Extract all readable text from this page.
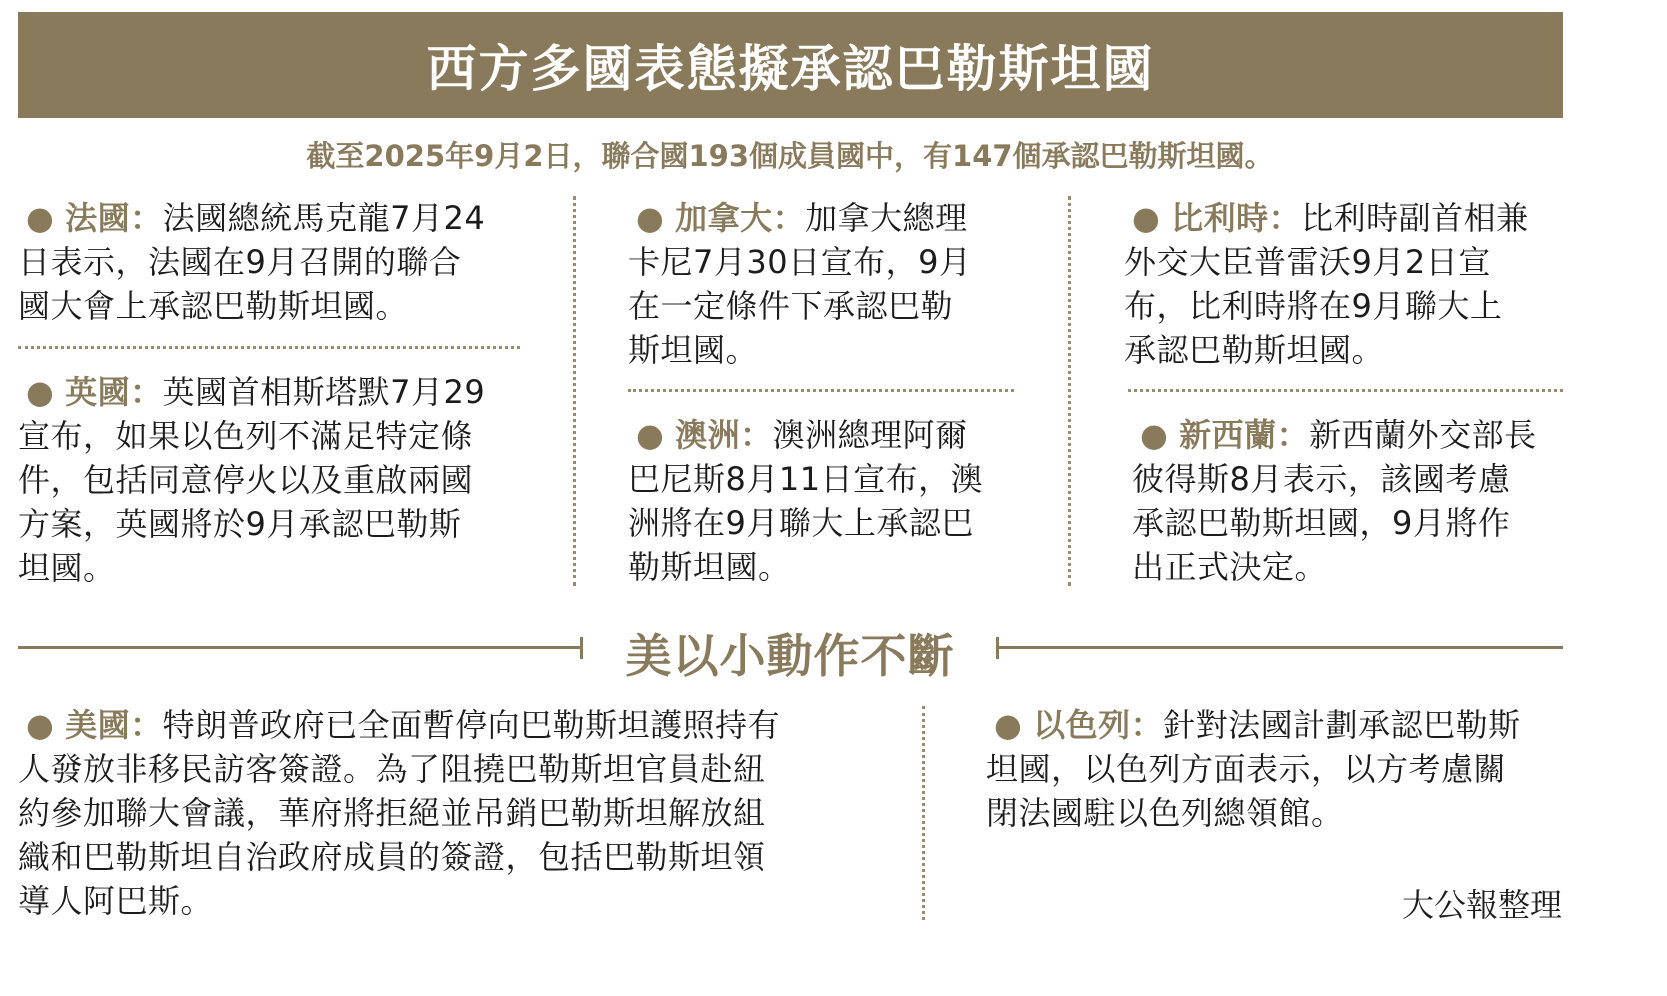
西方多國表態擬承認巴勒斯坦國
截至2025年9月2日，聯合國193個成員國中，有147個承認巴勒斯坦國。
● 法國：法國總統馬克龍7月24
日表示，法國在9月召開的聯合
國大會上承認巴勒斯坦國。
● 英國：英國首相斯塔默7月29
宣布，如果以色列不滿足特定條
件，包括同意停火以及重啟兩國
方案，英國將於9月承認巴勒斯
坦國。
● 加拿大：加拿大總理
卡尼7月30日宣布，9月
在一定條件下承認巴勒
斯坦國。
● 澳洲：澳洲總理阿爾
巴尼斯8月11日宣布，澳
洲將在9月聯大上承認巴
勒斯坦國。
● 比利時：比利時副首相兼
外交大臣普雷沃9月2日宣
布，比利時將在9月聯大上
承認巴勒斯坦國。
● 新西蘭：新西蘭外交部長
彼得斯8月表示，該國考慮
承認巴勒斯坦國，9月將作
出正式決定。
美以小動作不斷
● 美國：特朗普政府已全面暫停向巴勒斯坦護照持有
人發放非移民訪客簽證。為了阻撓巴勒斯坦官員赴紐
約參加聯大會議，華府將拒絕並吊銷巴勒斯坦解放組
織和巴勒斯坦自治政府成員的簽證，包括巴勒斯坦領
導人阿巴斯。
● 以色列：針對法國計劃承認巴勒斯
坦國，以色列方面表示，以方考慮關
閉法國駐以色列總領館。
大公報整理
